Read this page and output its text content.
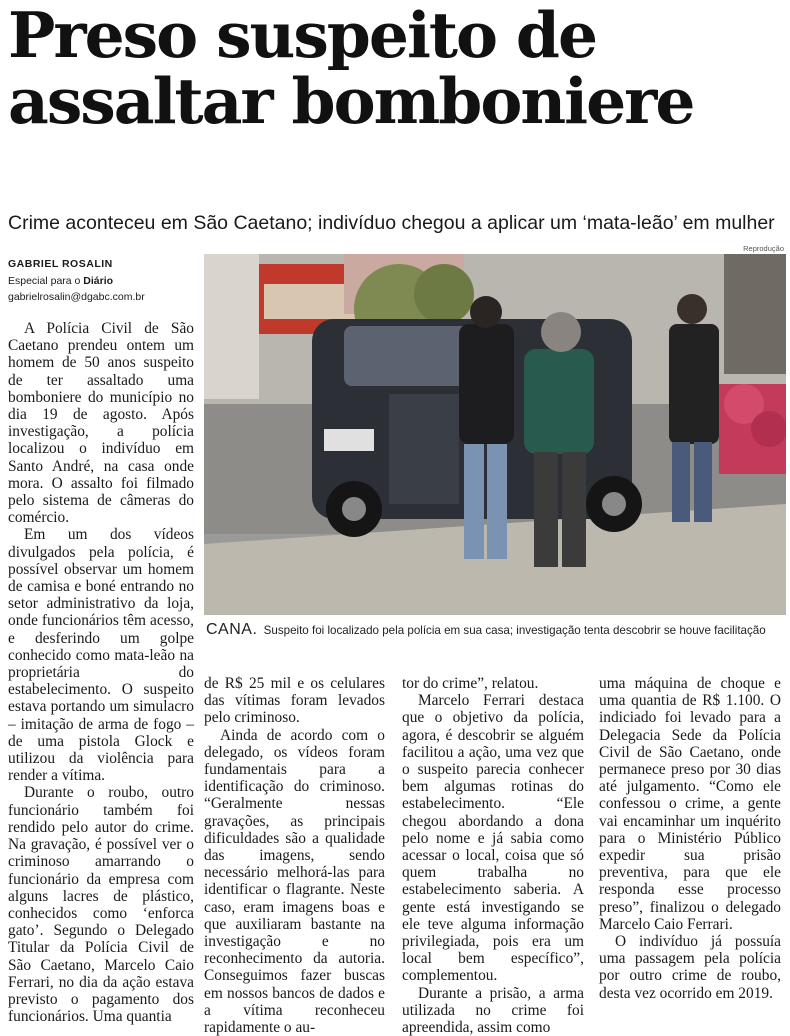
Preso suspeito de
assaltar bomboniere
Crime aconteceu em São Caetano; indivíduo chegou a aplicar um ‘mata-leão’ em mulher
Reprodução
GABRIEL ROSALIN
Especial para o Diário
gabrielrosalin@dgabc.com.br
CANA. Suspeito foi localizado pela polícia em sua casa; investigação tenta descobrir se houve facilitação

A Polícia Civil de São Caetano prendeu ontem um homem de 50 anos suspeito de ter assaltado uma bomboniere do município no dia 19 de agosto. Após investigação, a polícia localizou o indivíduo em Santo André, na casa onde mora. O assalto foi filmado pelo sistema de câmeras do comércio.

Em um dos vídeos divulgados pela polícia, é possível observar um homem de camisa e boné entrando no setor administrativo da loja, onde funcionários têm acesso, e desferindo um golpe conhecido como mata-leão na proprietária do estabelecimento. O suspeito estava portando um simulacro – imitação de arma de fogo – de uma pistola Glock e utilizou da violência para render a vítima.

Durante o roubo, outro funcionário também foi rendido pelo autor do crime. Na gravação, é possível ver o criminoso amarrando o funcionário da empresa com alguns lacres de plástico, conhecidos como ‘enforca gato’. Segundo o Delegado Titular da Polícia Civil de São Caetano, Marcelo Caio Ferrari, no dia da ação estava previsto o pagamento dos funcionários. Uma quantia

de R$ 25 mil e os celulares das vítimas foram levados pelo criminoso.

Ainda de acordo com o delegado, os vídeos foram fundamentais para a identificação do criminoso. “Geralmente nessas gravações, as principais dificuldades são a qualidade das imagens, sendo necessário melhorá-las para identificar o flagrante. Neste caso, eram imagens boas e que auxiliaram bastante na investigação e no reconhecimento da autoria. Conseguimos fazer buscas em nossos bancos de dados e a vítima reconheceu rapidamente o au-

tor do crime”, relatou.

Marcelo Ferrari destaca que o objetivo da polícia, agora, é descobrir se alguém facilitou a ação, uma vez que o suspeito parecia conhecer bem algumas rotinas do estabelecimento. “Ele chegou abordando a dona pelo nome e já sabia como acessar o local, coisa que só quem trabalha no estabelecimento saberia. A gente está investigando se ele teve alguma informação privilegiada, pois era um local bem específico”, complementou.

Durante a prisão, a arma utilizada no crime foi apreendida, assim como

uma máquina de choque e uma quantia de R$ 1.100. O indiciado foi levado para a Delegacia Sede da Polícia Civil de São Caetano, onde permanece preso por 30 dias até julgamento. “Como ele confessou o crime, a gente vai encaminhar um inquérito para o Ministério Público expedir sua prisão preventiva, para que ele responda esse processo preso”, finalizou o delegado Marcelo Caio Ferrari.

O indivíduo já possuía uma passagem pela polícia por outro crime de roubo, desta vez ocorrido em 2019.
